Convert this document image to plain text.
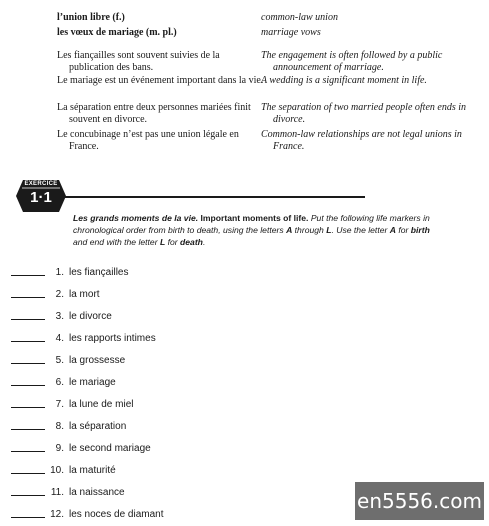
l’union libre (f.)	common-law union
les vœux de mariage (m. pl.)	marriage vows
Les fiançailles sont souvent suivies de la publication des bans.
The engagement is often followed by a public announcement of marriage.
Le mariage est un événement important dans la vie.
A wedding is a significant moment in life.
La séparation entre deux personnes mariées finit souvent en divorce.
The separation of two married people often ends in divorce.
Le concubinage n’est pas une union légale en France.
Common-law relationships are not legal unions in France.
EXERCICE
1·1
Les grands moments de la vie. Important moments of life. Put the following life markers in chronological order from birth to death, using the letters A through L. Use the letter A for birth and end with the letter L for death.
1. les fiançailles
2. la mort
3. le divorce
4. les rapports intimes
5. la grossesse
6. le mariage
7. la lune de miel
8. la séparation
9. le second mariage
10. la maturité
11. la naissance
12. les noces de diamant
en5556.com
